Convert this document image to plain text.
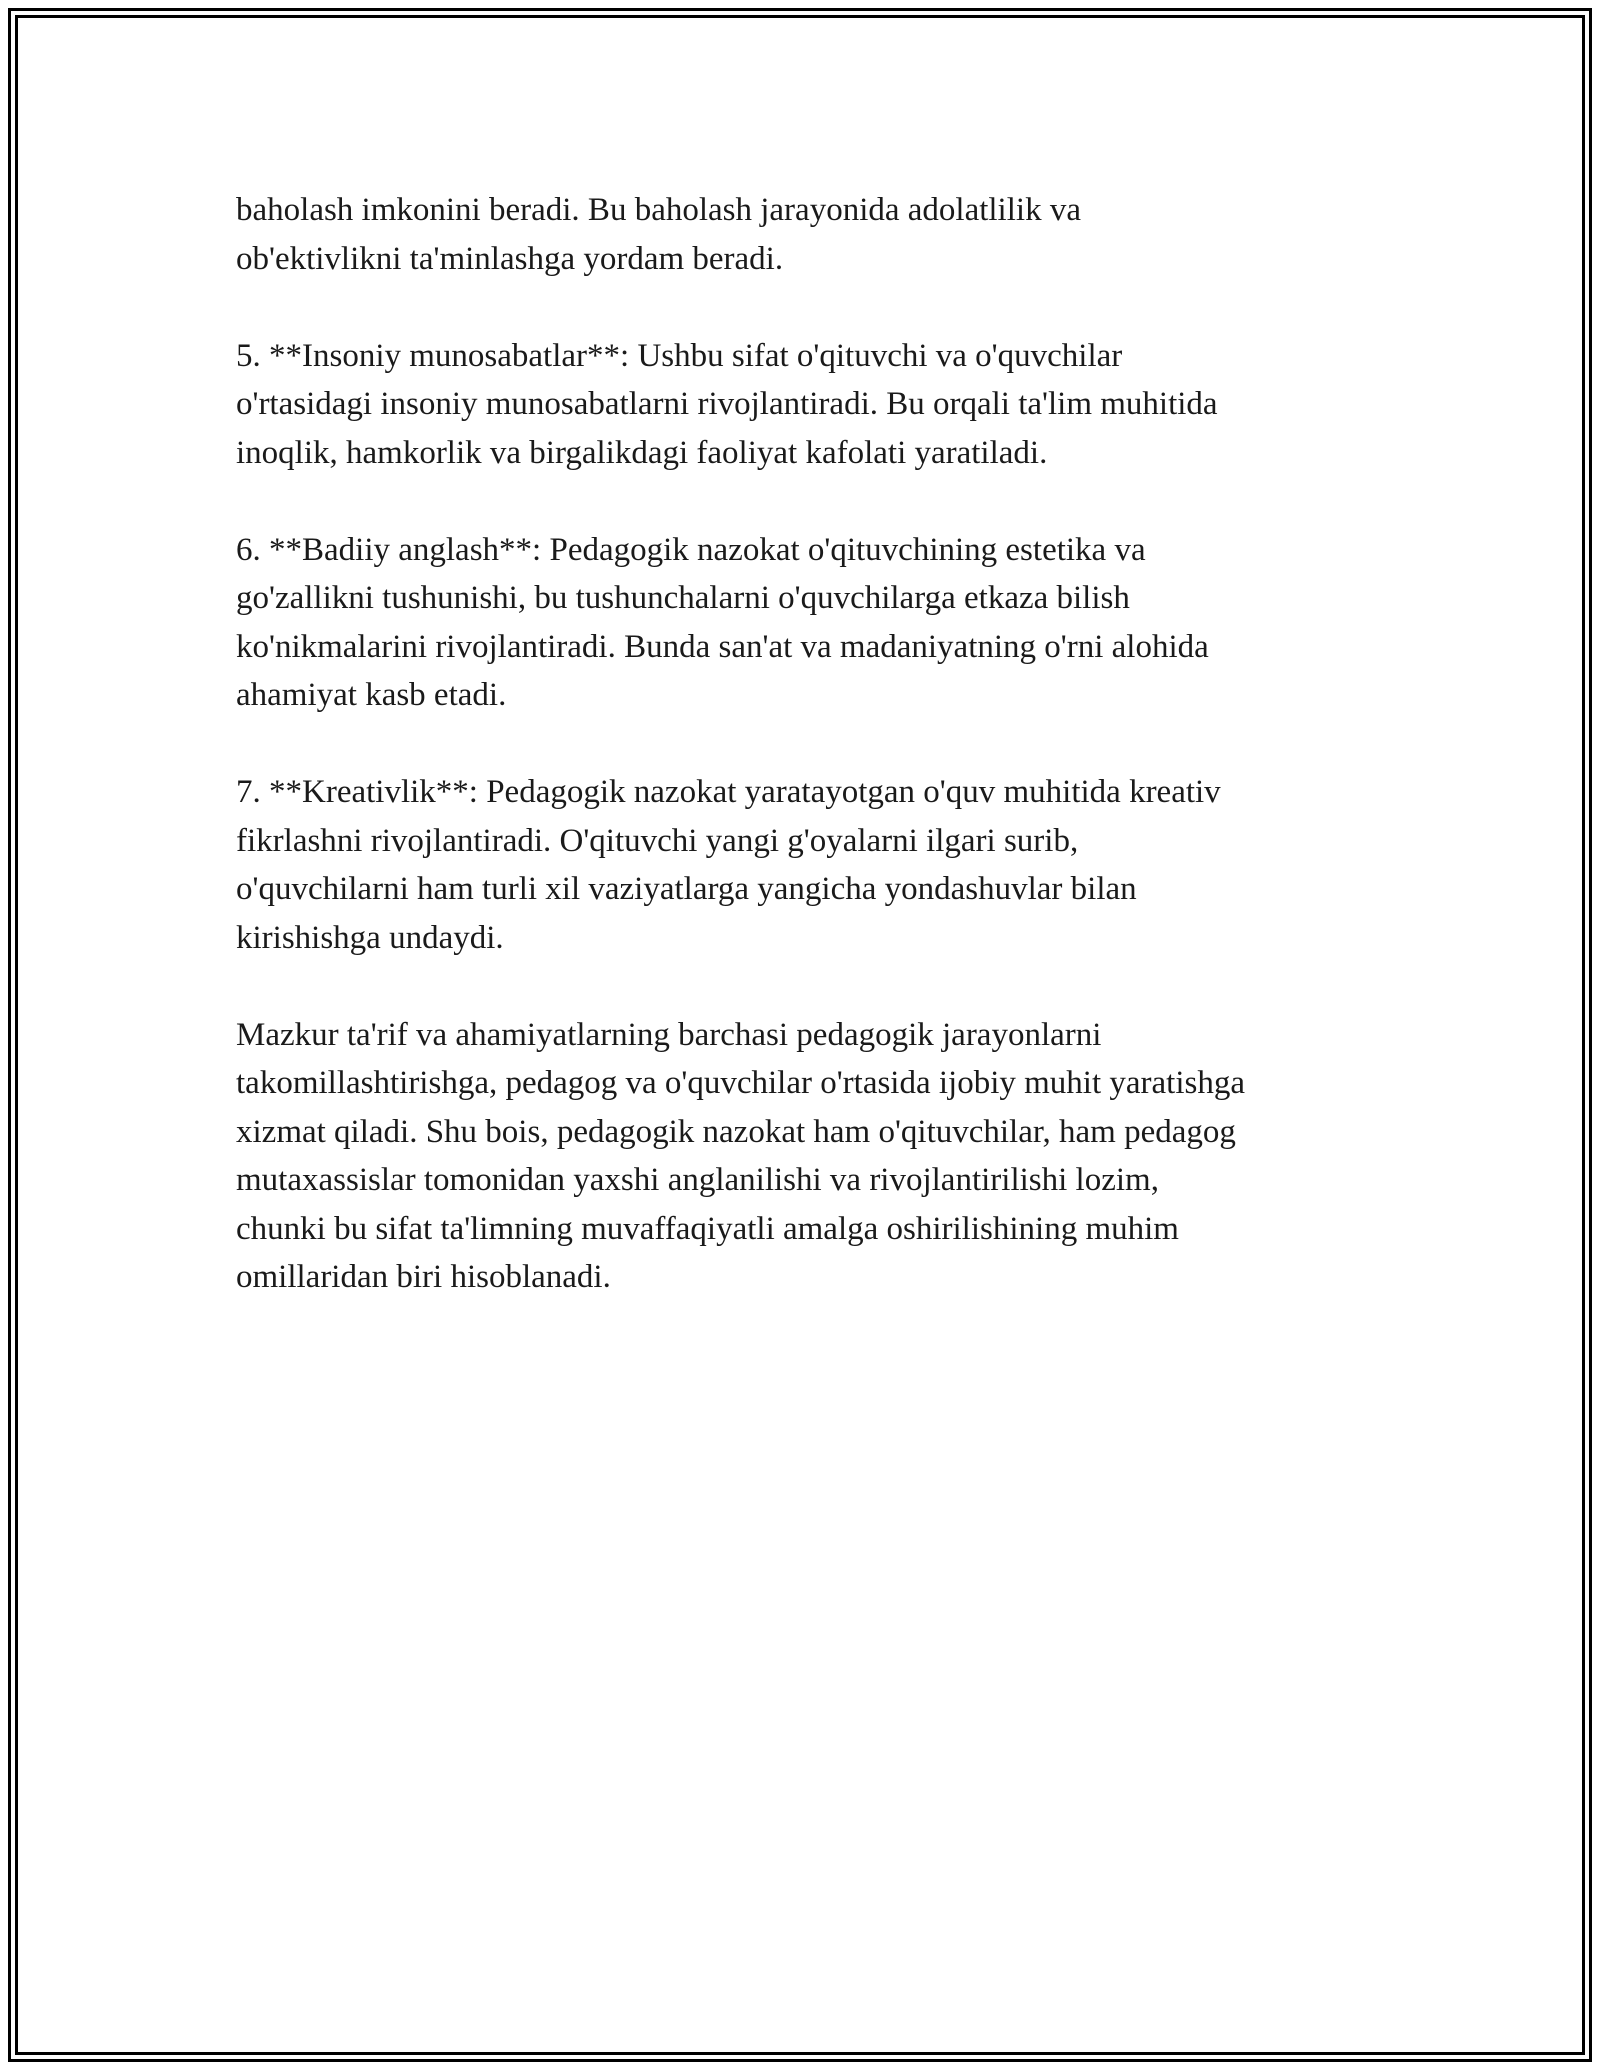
baholash imkonini beradi. Bu baholash jarayonida adolatlilik va
ob'ektivlikni ta'minlashga yordam beradi.

5. **Insoniy munosabatlar**: Ushbu sifat o'qituvchi va o'quvchilar
o'rtasidagi insoniy munosabatlarni rivojlantiradi. Bu orqali ta'lim muhitida
inoqlik, hamkorlik va birgalikdagi faoliyat kafolati yaratiladi.

6. **Badiiy anglash**: Pedagogik nazokat o'qituvchining estetika va
go'zallikni tushunishi, bu tushunchalarni o'quvchilarga etkaza bilish
ko'nikmalarini rivojlantiradi. Bunda san'at va madaniyatning o'rni alohida
ahamiyat kasb etadi.

7. **Kreativlik**: Pedagogik nazokat yaratayotgan o'quv muhitida kreativ
fikrlashni rivojlantiradi. O'qituvchi yangi g'oyalarni ilgari surib,
o'quvchilarni ham turli xil vaziyatlarga yangicha yondashuvlar bilan
kirishishga undaydi.

Mazkur ta'rif va ahamiyatlarning barchasi pedagogik jarayonlarni
takomillashtirishga, pedagog va o'quvchilar o'rtasida ijobiy muhit yaratishga
xizmat qiladi. Shu bois, pedagogik nazokat ham o'qituvchilar, ham pedagog
mutaxassislar tomonidan yaxshi anglanilishi va rivojlantirilishi lozim,
chunki bu sifat ta'limning muvaffaqiyatli amalga oshirilishining muhim
omillaridan biri hisoblanadi.
